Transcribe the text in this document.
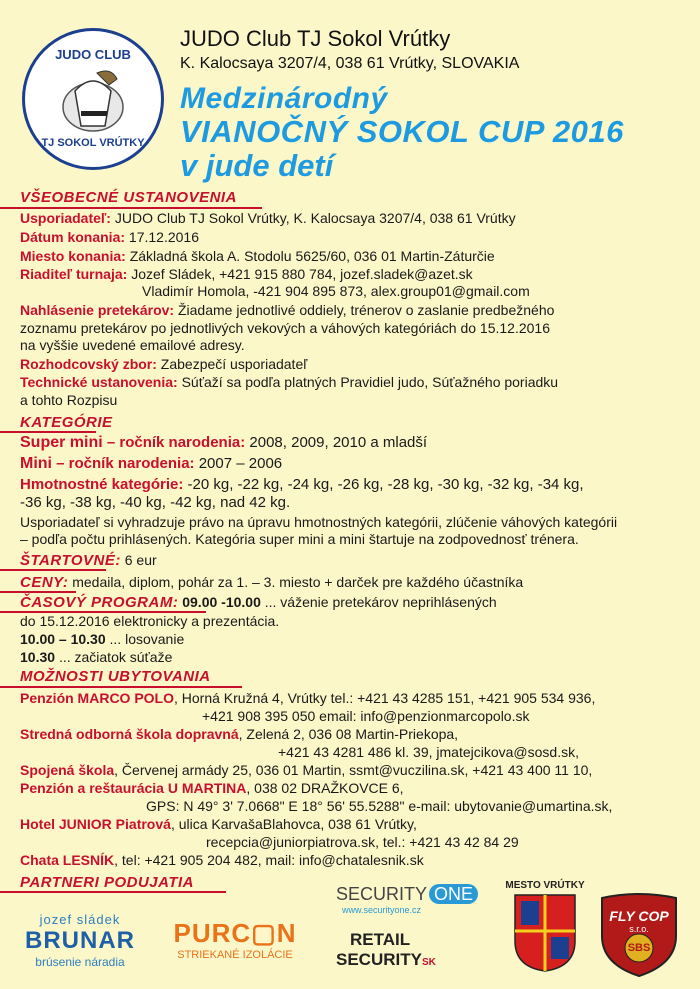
JUDO CLUB
TJ SOKOL VRÚTKY
JUDO Club TJ Sokol Vrútky
K. Kalocsaya 3207/4, 038 61 Vrútky, SLOVAKIA
Medzinárodný
VIANOČNÝ SOKOL CUP 2016
v jude detí
VŠEOBECNÉ USTANOVENIA
Usporiadateľ: JUDO Club TJ Sokol Vrútky, K. Kalocsaya 3207/4, 038 61 Vrútky
Dátum konania: 17.12.2016
Miesto konania: Základná škola A. Stodolu 5625/60, 036 01 Martin-Záturčie
Riaditeľ turnaja: Jozef Sládek, +421 915 880 784, jozef.sladek@azet.sk
Vladimír Homola, -421 904 895 873, alex.group01@gmail.com
Nahlásenie pretekárov: Žiadame jednotlivé oddiely, trénerov o zaslanie predbežného
zoznamu pretekárov po jednotlivých vekových a váhových kategóriách do 15.12.2016
na vyššie uvedené emailové adresy.
Rozhodcovský zbor: Zabezpečí usporiadateľ
Technické ustanovenia: Súťaží sa podľa platných Pravidiel judo, Súťažného poriadku
a tohto Rozpisu
KATEGÓRIE
Super mini – ročník narodenia: 2008, 2009, 2010 a mladší
Mini – ročník narodenia: 2007 – 2006
Hmotnostné kategórie: -20 kg, -22 kg, -24 kg, -26 kg, -28 kg, -30 kg, -32 kg, -34 kg,
-36 kg, -38 kg, -40 kg, -42 kg, nad 42 kg.
Usporiadateľ si vyhradzuje právo na úpravu hmotnostných kategórii, zlúčenie váhových kategórii
– podľa počtu prihlásených. Kategória super mini a mini štartuje na zodpovednosť trénera.
ŠTARTOVNÉ: 6 eur
CENY: medaila, diplom, pohár za 1. – 3. miesto + darček pre každého účastníka
ČASOVÝ PROGRAM: 09.00 -10.00 ... váženie pretekárov neprihlásených
do 15.12.2016 elektronicky a prezentácia.
10.00 – 10.30 ... losovanie
10.30 ... začiatok súťaže
MOŽNOSTI UBYTOVANIA
Penzión MARCO POLO, Horná Kružná 4, Vrútky tel.: +421 43 4285 151, +421 905 534 936,
+421 908 395 050 email: info@penzionmarcopolo.sk
Stredná odborná škola dopravná, Zelená 2, 036 08 Martin-Priekopa,
+421 43 4281 486 kl. 39, jmatejcikova@sosd.sk,
Spojená škola, Červenej armády 25, 036 01 Martin, ssmt@vuczilina.sk, +421 43 400 11 10,
Penzión a reštaurácia U MARTINA, 038 02 DRAŽKOVCE 6,
GPS: N 49° 3' 7.0668" E 18° 56' 55.5288" e-mail: ubytovanie@umartina.sk,
Hotel JUNIOR Piatrová, ulica KarvašaBlahovca, 038 61 Vrútky,
recepcia@juniorpiatrova.sk, tel.: +421 43 42 84 29
Chata LESNÍK, tel: +421 905 204 482, mail: info@chatalesnik.sk
PARTNERI PODUJATIA
jozef sládek
BRUNAR
brúsenie náradia
PURC▢N
STRIEKANÉ IZOLÁCIE
SECURITY ONE
www.securityone.cz
RETAIL
SECURITYSK
MESTO VRÚTKY
FLY COP
s.r.o.
SBS
